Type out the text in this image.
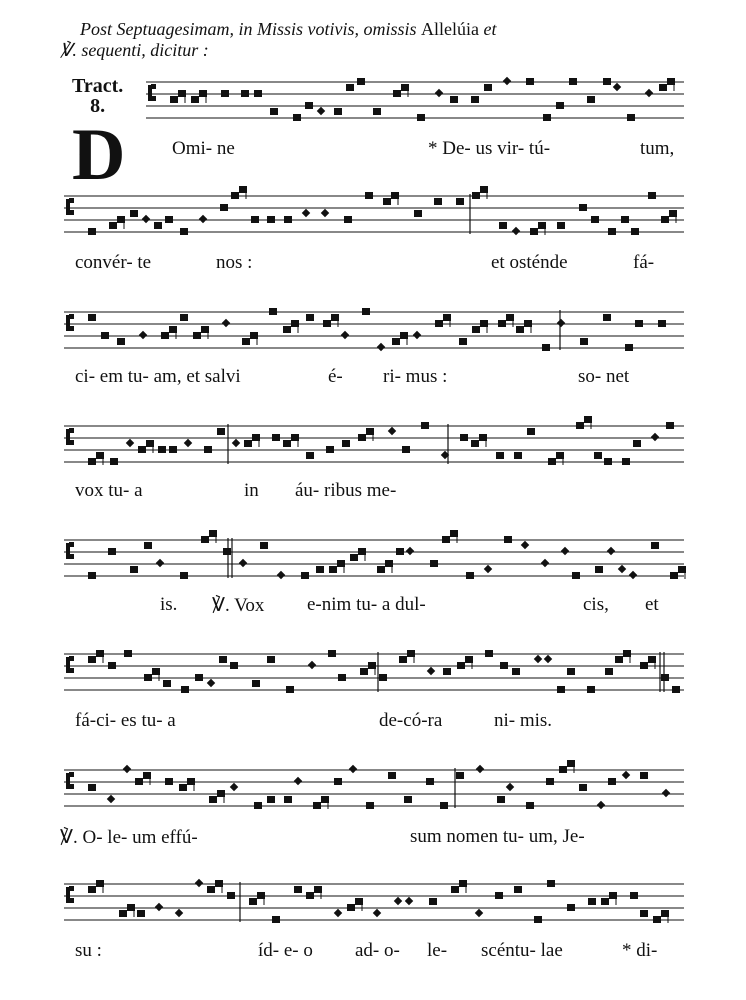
Post Septuagesimam, in Missis votivis, omissis Allelúia et
℣. sequenti, dicitur :
Tract.
8.
D Omi- ne	* De- us vir- tú-	tum,
convér- te	nos :	et osténde	fá-
ci- em tu- am, et salvi	é- ri- mus :	so- net
vox tu- a	in áu- ribus me-
is. ℣. Vox e-nim tu- a dul-	cis, et
fá-ci- es tu- a	de-có-ra	ni- mis.
℣. O- le- um effú-	sum nomen tu- um, Je-
su :	íd- e- o ad- o- le- scéntu- lae	* di-
